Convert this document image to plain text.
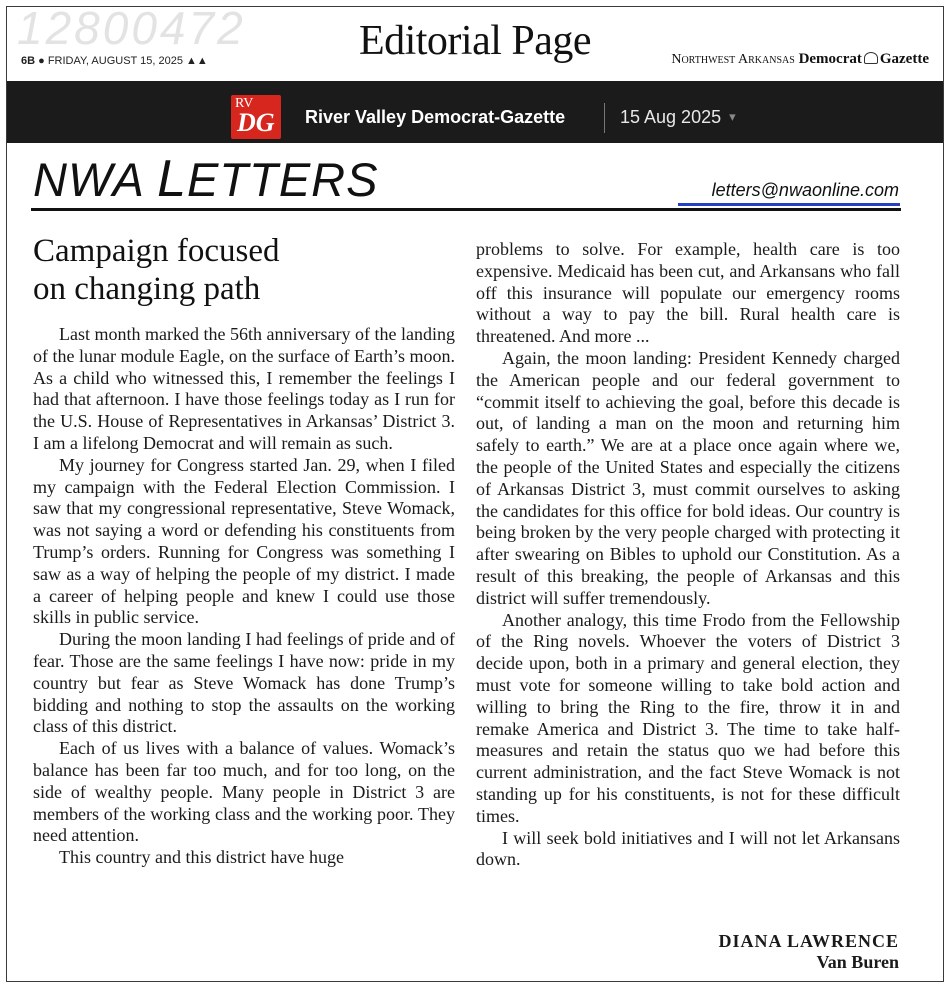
12800472	Editorial Page
6B ● FRIDAY, AUGUST 15, 2025 ▲▲	Northwest Arkansas Democrat Gazette
RV
DG River Valley Democrat-Gazette	15 Aug 2025 ▾
NWA LETTERS	letters@nwaonline.com
Campaign focused
on changing path

Last month marked the 56th anniversary of the landing of the lunar module Eagle, on the surface of Earth’s moon. As a child who witnessed this, I remember the feelings I had that afternoon. I have those feelings today as I run for the U.S. House of Representatives in Arkansas’ District 3. I am a lifelong Democrat and will remain as such.

My journey for Congress started Jan. 29, when I filed my campaign with the Federal Election Commission. I saw that my congressional representative, Steve Womack, was not saying a word or defending his constituents from Trump’s orders. Running for Congress was something I saw as a way of helping the people of my district. I made a career of helping people and knew I could use those skills in public service.

During the moon landing I had feelings of pride and of fear. Those are the same feelings I have now: pride in my country but fear as Steve Womack has done Trump’s bidding and nothing to stop the assaults on the working class of this district.

Each of us lives with a balance of values. Womack’s balance has been far too much, and for too long, on the side of wealthy people. Many people in District 3 are members of the working class and the working poor. They need attention.

This country and this district have huge

problems to solve. For example, health care is too expensive. Medicaid has been cut, and Arkansans who fall off this insurance will populate our emergency rooms without a way to pay the bill. Rural health care is threatened. And more ...

Again, the moon landing: President Kennedy charged the American people and our federal government to “commit itself to achieving the goal, before this decade is out, of landing a man on the moon and returning him safely to earth.” We are at a place once again where we, the people of the United States and especially the citizens of Arkansas District 3, must commit ourselves to asking the candidates for this office for bold ideas. Our country is being broken by the very people charged with protecting it after swearing on Bibles to uphold our Constitution. As a result of this breaking, the people of Arkansas and this district will suffer tremendously.

Another analogy, this time Frodo from the Fellowship of the Ring novels. Whoever the voters of District 3 decide upon, both in a primary and general election, they must vote for someone willing to take bold action and willing to bring the Ring to the fire, throw it in and remake America and District 3. The time to take half-measures and retain the status quo we had before this current administration, and the fact Steve Womack is not standing up for his constituents, is not for these difficult times.

I will seek bold initiatives and I will not let Arkansans down.

DIANA LAWRENCE
Van Buren
